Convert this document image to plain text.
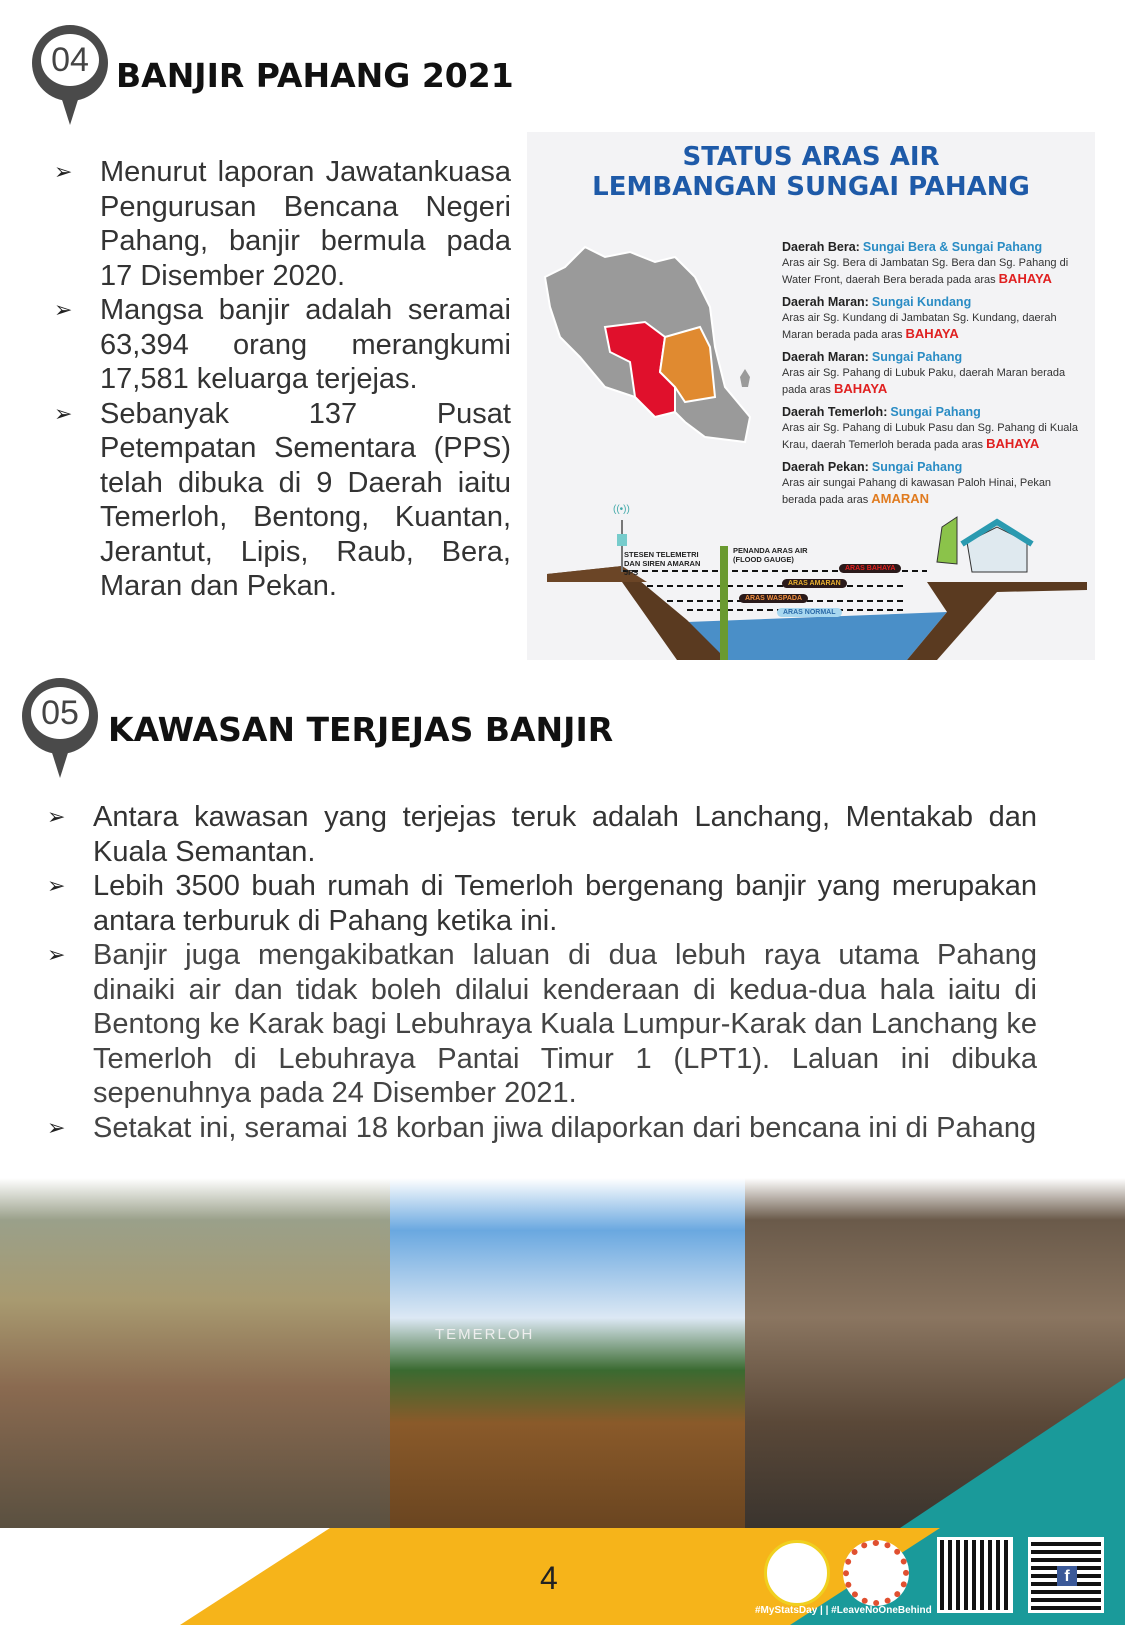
04 BANJIR PAHANG 2021
➢ Menurut laporan Jawatankuasa Pengurusan Bencana Negeri Pahang, banjir bermula pada 17 Disember 2020.
➢ Mangsa banjir adalah seramai 63,394 orang merangkumi 17,581 keluarga terjejas.
➢ Sebanyak 137 Pusat Petempatan Sementara (PPS) telah dibuka di 9 Daerah iaitu Temerloh, Bentong, Kuantan, Jerantut, Lipis, Raub, Bera, Maran dan Pekan.
STATUS ARAS AIR
LEMBANGAN SUNGAI PAHANG
Daerah Bera: Sungai Bera & Sungai Pahang
Aras air Sg. Bera di Jambatan Sg. Bera dan Sg. Pahang di Water Front, daerah Bera berada pada aras BAHAYA
Daerah Maran: Sungai Kundang
Aras air Sg. Kundang di Jambatan Sg. Kundang, daerah Maran berada pada aras BAHAYA
Daerah Maran: Sungai Pahang
Aras air Sg. Pahang di Lubuk Paku, daerah Maran berada pada aras BAHAYA
Daerah Temerloh: Sungai Pahang
Aras air Sg. Pahang di Lubuk Pasu dan Sg. Pahang di Kuala Krau, daerah Temerloh berada pada aras BAHAYA
Daerah Pekan: Sungai Pahang
Aras air sungai Pahang di kawasan Paloh Hinai, Pekan berada pada aras AMARAN
((•))
STESEN TELEMETRI DAN SIREN AMARAN JPS
PENANDA ARAS AIR (FLOOD GAUGE)
ARAS BAHAYA
ARAS AMARAN
ARAS WASPADA
ARAS NORMAL
05 KAWASAN TERJEJAS BANJIR
➢ Antara kawasan yang terjejas teruk adalah Lanchang, Mentakab dan Kuala Semantan.
➢ Lebih 3500 buah rumah di Temerloh bergenang banjir yang merupakan antara terburuk di Pahang ketika ini.
➢ Banjir juga mengakibatkan laluan di dua lebuh raya utama Pahang dinaiki air dan tidak boleh dilalui kenderaan di kedua-dua hala iaitu di Bentong ke Karak bagi Lebuhraya Kuala Lumpur-Karak dan Lanchang ke Temerloh di Lebuhraya Pantai Timur 1 (LPT1). Laluan ini dibuka sepenuhnya pada 24 Disember 2021.
➢ Setakat ini, seramai 18 korban jiwa dilaporkan dari bencana ini di Pahang
TEMERLOH
4
#MyStatsDay | | #LeaveNoOneBehind
f
